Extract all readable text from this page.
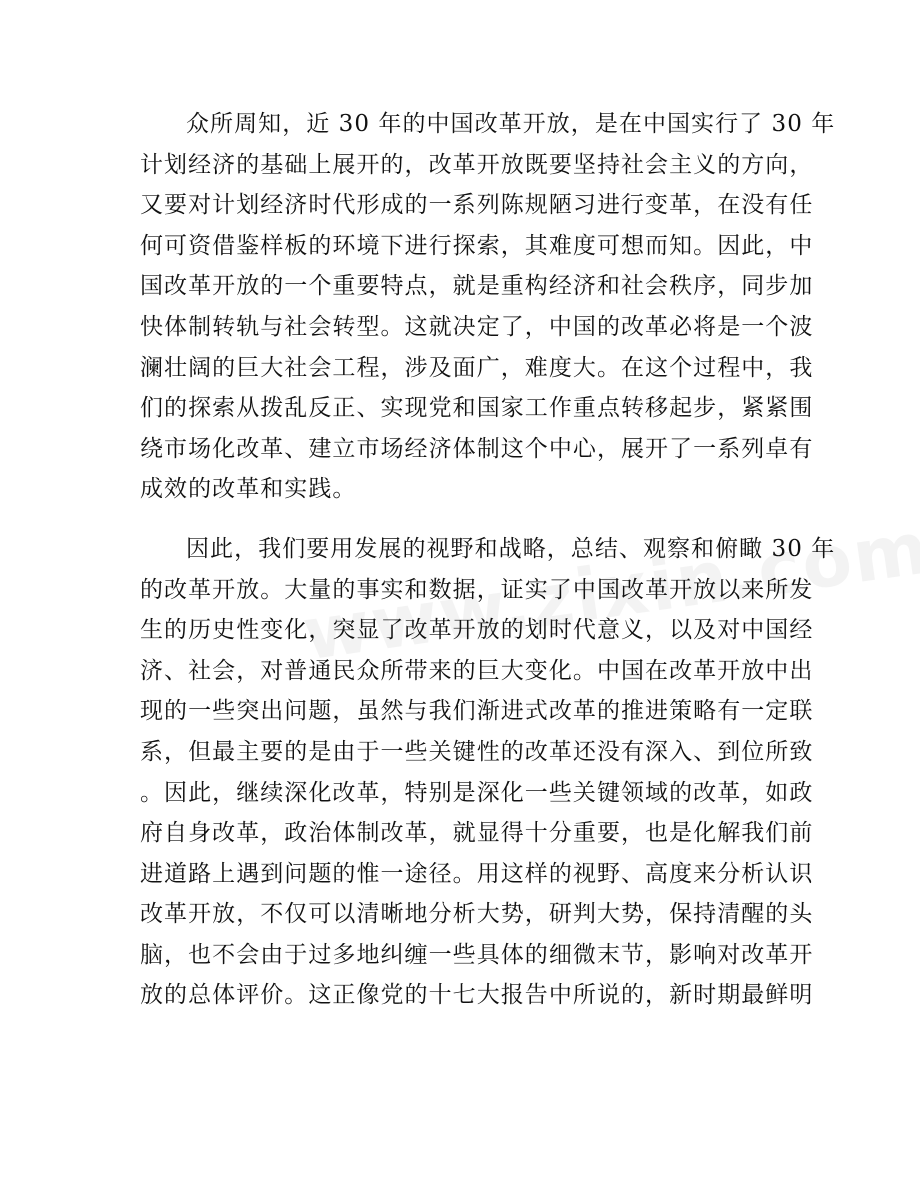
众所周知，近 30 年的中国改革开放，是在中国实行了 30 年
计划经济的基础上展开的，改革开放既要坚持社会主义的方向，
又要对计划经济时代形成的一系列陈规陋习进行变革，在没有任
何可资借鉴样板的环境下进行探索，其难度可想而知。因此，中
国改革开放的一个重要特点，就是重构经济和社会秩序，同步加
快体制转轨与社会转型。这就决定了，中国的改革必将是一个波
澜壮阔的巨大社会工程，涉及面广，难度大。在这个过程中，我
们的探索从拨乱反正、实现党和国家工作重点转移起步，紧紧围
绕市场化改革、建立市场经济体制这个中心，展开了一系列卓有
成效的改革和实践。

因此，我们要用发展的视野和战略，总结、观察和俯瞰 30 年
的改革开放。大量的事实和数据，证实了中国改革开放以来所发
生的历史性变化，突显了改革开放的划时代意义，以及对中国经
济、社会，对普通民众所带来的巨大变化。中国在改革开放中出
现的一些突出问题，虽然与我们渐进式改革的推进策略有一定联
系，但最主要的是由于一些关键性的改革还没有深入、到位所致
。因此，继续深化改革，特别是深化一些关键领域的改革，如政
府自身改革，政治体制改革，就显得十分重要，也是化解我们前
进道路上遇到问题的惟一途径。用这样的视野、高度来分析认识
改革开放，不仅可以清晰地分析大势，研判大势，保持清醒的头
脑，也不会由于过多地纠缠一些具体的细微末节，影响对改革开
放的总体评价。这正像党的十七大报告中所说的，新时期最鲜明
